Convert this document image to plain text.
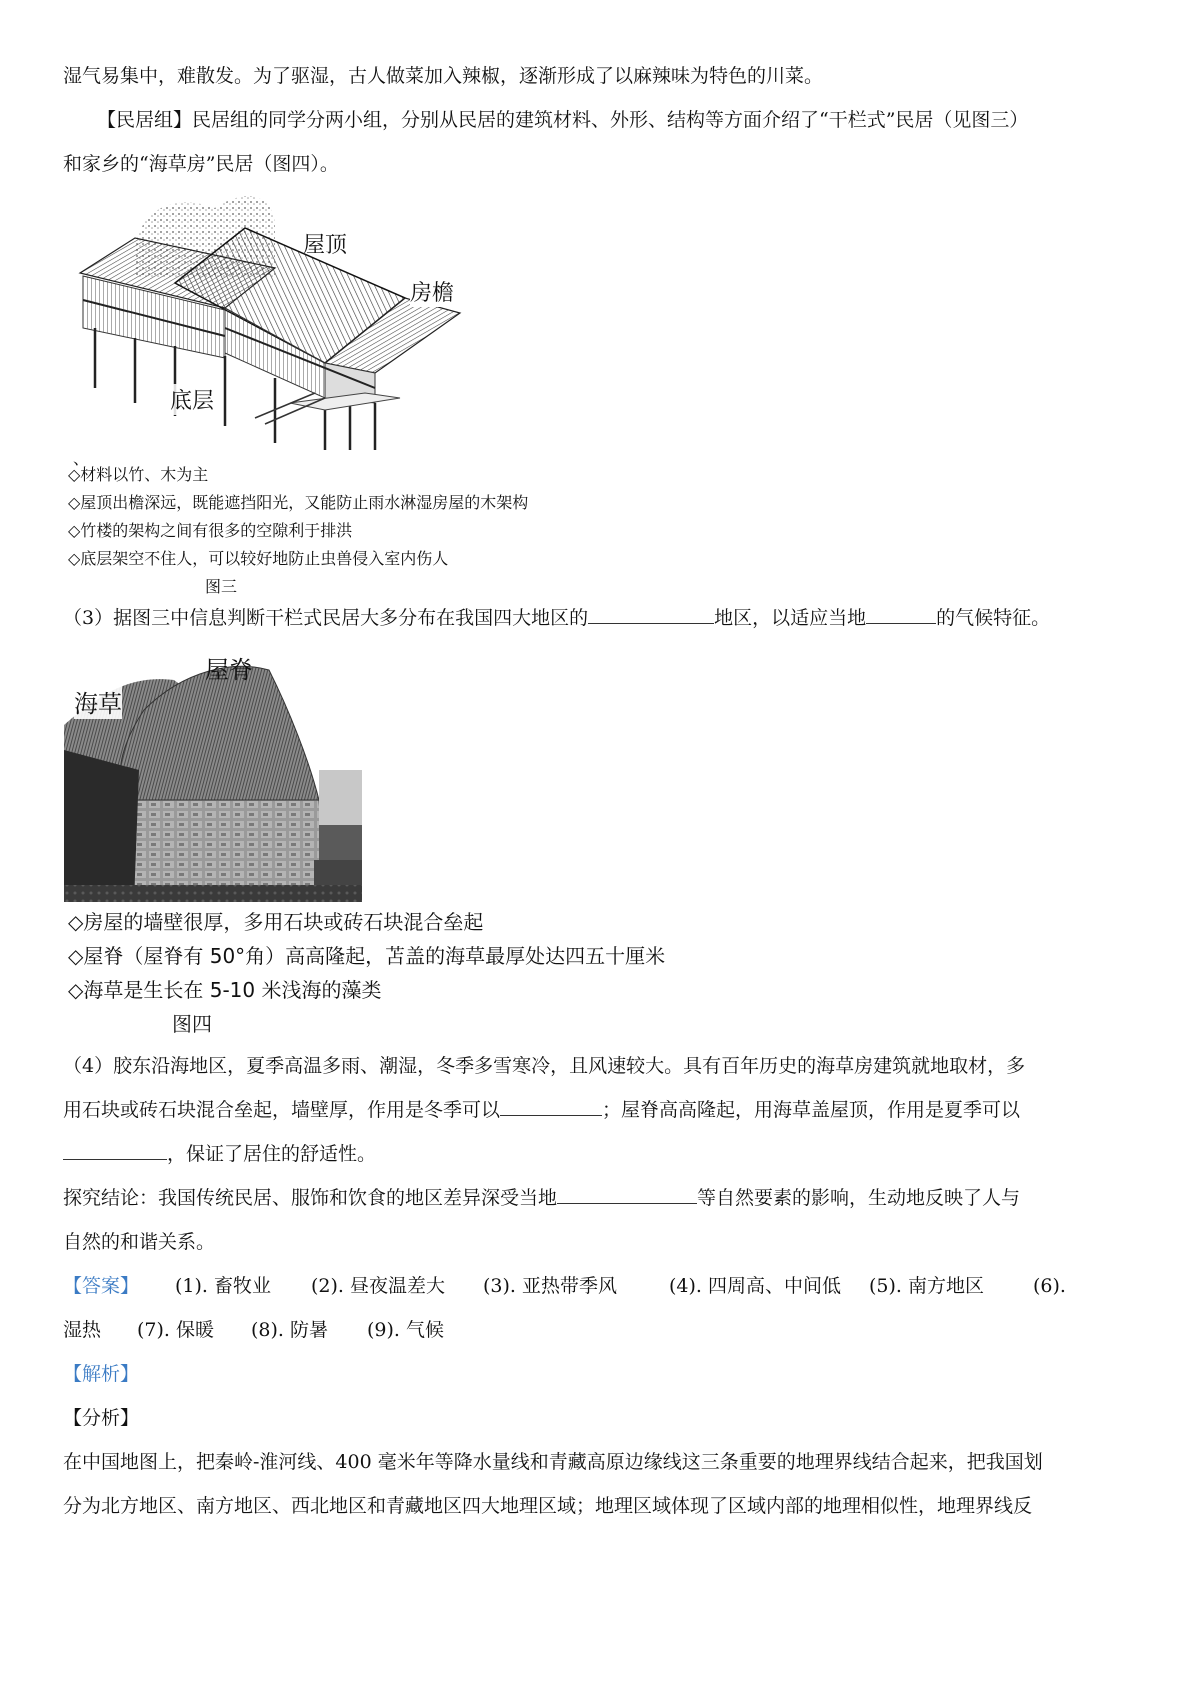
湿气易集中，难散发。为了驱湿，古人做菜加入辣椒，逐渐形成了以麻辣味为特色的川菜。
【民居组】民居组的同学分两小组，分别从民居的建筑材料、外形、结构等方面介绍了“干栏式”民居（见图三）
和家乡的“海草房”民居（图四）。
屋顶
房檐
底层
、
◇材料以竹、木为主
◇屋顶出檐深远，既能遮挡阳光，又能防止雨水淋湿房屋的木架构
◇竹楼的架构之间有很多的空隙利于排洪
◇底层架空不住人，可以较好地防止虫兽侵入室内伤人
图三
（3）据图三中信息判断干栏式民居大多分布在我国四大地区的	地区，以适应当地	的气候特征。
屋脊
海草
◇房屋的墙壁很厚，多用石块或砖石块混合垒起
◇屋脊（屋脊有 50°角）高高隆起，苫盖的海草最厚处达四五十厘米
◇海草是生长在 5-10 米浅海的藻类
图四
（4）胶东沿海地区，夏季高温多雨、潮湿，冬季多雪寒冷，且风速较大。具有百年历史的海草房建筑就地取材，多
用石块或砖石块混合垒起，墙壁厚，作用是冬季可以	；屋脊高高隆起，用海草盖屋顶，作用是夏季可以
，保证了居住的舒适性。
探究结论：我国传统民居、服饰和饮食的地区差异深受当地	等自然要素的影响，生动地反映了人与
自然的和谐关系。
【答案】 (1). 畜牧业 (2). 昼夜温差大 (3). 亚热带季风	(4). 四周高、中间低 (5). 南方地区	(6).
湿热 (7). 保暖 (8). 防暑 (9). 气候
【解析】
【分析】
在中国地图上，把秦岭-淮河线、400 毫米年等降水量线和青藏高原边缘线这三条重要的地理界线结合起来，把我国划
分为北方地区、南方地区、西北地区和青藏地区四大地理区域；地理区域体现了区域内部的地理相似性，地理界线反
